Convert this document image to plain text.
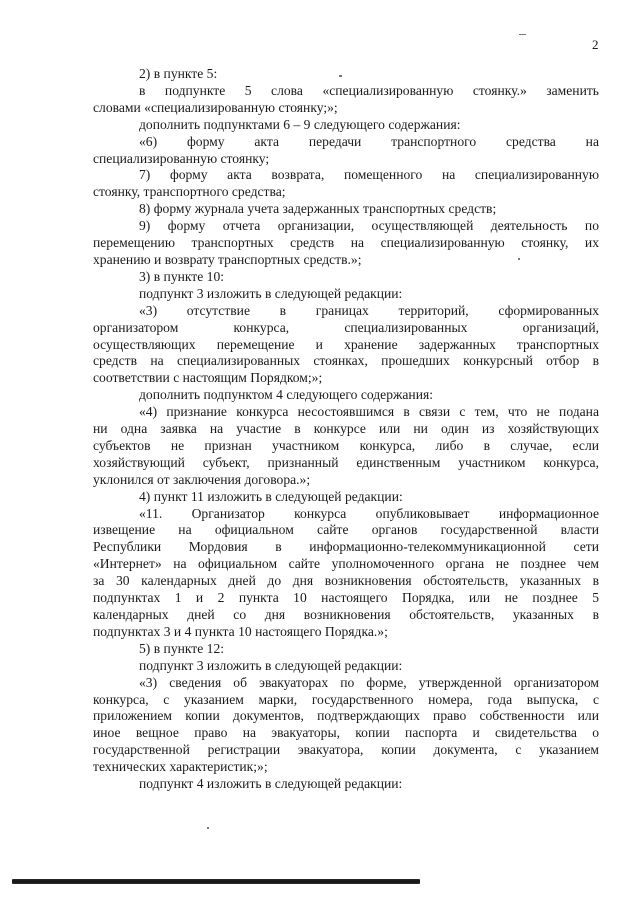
2

2) в пункте 5:

в подпункте 5 слова «специализированную стоянку.» заменить

словами «специализированную стоянку;»;

дополнить подпунктами 6 – 9 следующего содержания:

«6) форму акта передачи транспортного средства на

специализированную стоянку;

7) форму акта возврата, помещенного на специализированную

стоянку, транспортного средства;

8) форму журнала учета задержанных транспортных средств;

9) форму отчета организации, осуществляющей деятельность по

перемещению транспортных средств на специализированную стоянку, их

хранению и возврату транспортных средств.»;

3) в пункте 10:

подпункт 3 изложить в следующей редакции:

«3) отсутствие в границах территорий, сформированных

организатором конкурса, специализированных организаций,

осуществляющих перемещение и хранение задержанных транспортных

средств на специализированных стоянках, прошедших конкурсный отбор в

соответствии с настоящим Порядком;»;

дополнить подпунктом 4 следующего содержания:

«4) признание конкурса несостоявшимся в связи с тем, что не подана

ни одна заявка на участие в конкурсе или ни один из хозяйствующих

субъектов не признан участником конкурса, либо в случае, если

хозяйствующий субъект, признанный единственным участником конкурса,

уклонился от заключения договора.»;

4) пункт 11 изложить в следующей редакции:

«11. Организатор конкурса опубликовывает информационное

извещение на официальном сайте органов государственной власти

Республики Мордовия в информационно-телекоммуникационной сети

«Интернет» на официальном сайте уполномоченного органа не позднее чем

за 30 календарных дней до дня возникновения обстоятельств, указанных в

подпунктах 1 и 2 пункта 10 настоящего Порядка, или не позднее 5

календарных дней со дня возникновения обстоятельств, указанных в

подпунктах 3 и 4 пункта 10 настоящего Порядка.»;

5) в пункте 12:

подпункт 3 изложить в следующей редакции:

«3) сведения об эвакуаторах по форме, утвержденной организатором

конкурса, с указанием марки, государственного номера, года выпуска, с

приложением копии документов, подтверждающих право собственности или

иное вещное право на эвакуаторы, копии паспорта и свидетельства о

государственной регистрации эвакуатора, копии документа, с указанием

технических характеристик;»;

подпункт 4 изложить в следующей редакции:
